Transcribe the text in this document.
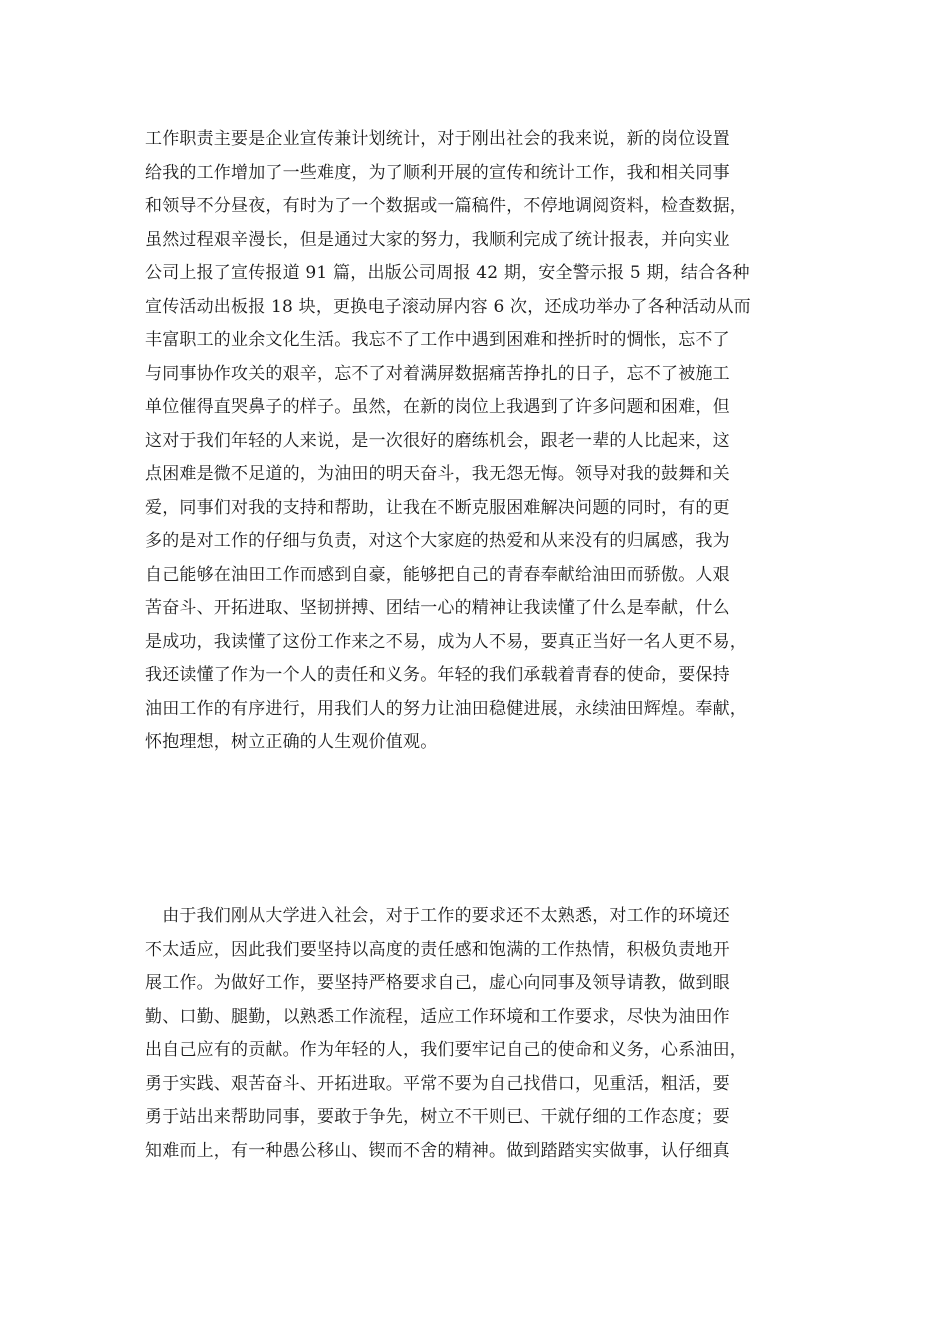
工作职责主要是企业宣传兼计划统计，对于刚出社会的我来说，新的岗位设置
给我的工作增加了一些难度，为了顺利开展的宣传和统计工作，我和相关同事
和领导不分昼夜，有时为了一个数据或一篇稿件，不停地调阅资料，检查数据，
虽然过程艰辛漫长，但是通过大家的努力，我顺利完成了统计报表，并向实业
公司上报了宣传报道 91 篇，出版公司周报 42 期，安全警示报 5 期，结合各种
宣传活动出板报 18 块，更换电子滚动屏内容 6 次，还成功举办了各种活动从而
丰富职工的业余文化生活。我忘不了工作中遇到困难和挫折时的惆怅，忘不了
与同事协作攻关的艰辛，忘不了对着满屏数据痛苦挣扎的日子，忘不了被施工
单位催得直哭鼻子的样子。虽然，在新的岗位上我遇到了许多问题和困难，但
这对于我们年轻的人来说，是一次很好的磨练机会，跟老一辈的人比起来，这
点困难是微不足道的，为油田的明天奋斗，我无怨无悔。领导对我的鼓舞和关
爱，同事们对我的支持和帮助，让我在不断克服困难解决问题的同时，有的更
多的是对工作的仔细与负责，对这个大家庭的热爱和从来没有的归属感，我为
自己能够在油田工作而感到自豪，能够把自己的青春奉献给油田而骄傲。人艰
苦奋斗、开拓进取、坚韧拼搏、团结一心的精神让我读懂了什么是奉献，什么
是成功，我读懂了这份工作来之不易，成为人不易，要真正当好一名人更不易，
我还读懂了作为一个人的责任和义务。年轻的我们承载着青春的使命，要保持
油田工作的有序进行，用我们人的努力让油田稳健进展，永续油田辉煌。奉献，
怀抱理想，树立正确的人生观价值观。
　由于我们刚从大学进入社会，对于工作的要求还不太熟悉，对工作的环境还
不太适应，因此我们要坚持以高度的责任感和饱满的工作热情，积极负责地开
展工作。为做好工作，要坚持严格要求自己，虚心向同事及领导请教，做到眼
勤、口勤、腿勤，以熟悉工作流程，适应工作环境和工作要求，尽快为油田作
出自己应有的贡献。作为年轻的人，我们要牢记自己的使命和义务，心系油田，
勇于实践、艰苦奋斗、开拓进取。平常不要为自己找借口，见重活，粗活，要
勇于站出来帮助同事，要敢于争先，树立不干则已、干就仔细的工作态度；要
知难而上，有一种愚公移山、锲而不舍的精神。做到踏踏实实做事，认仔细真
